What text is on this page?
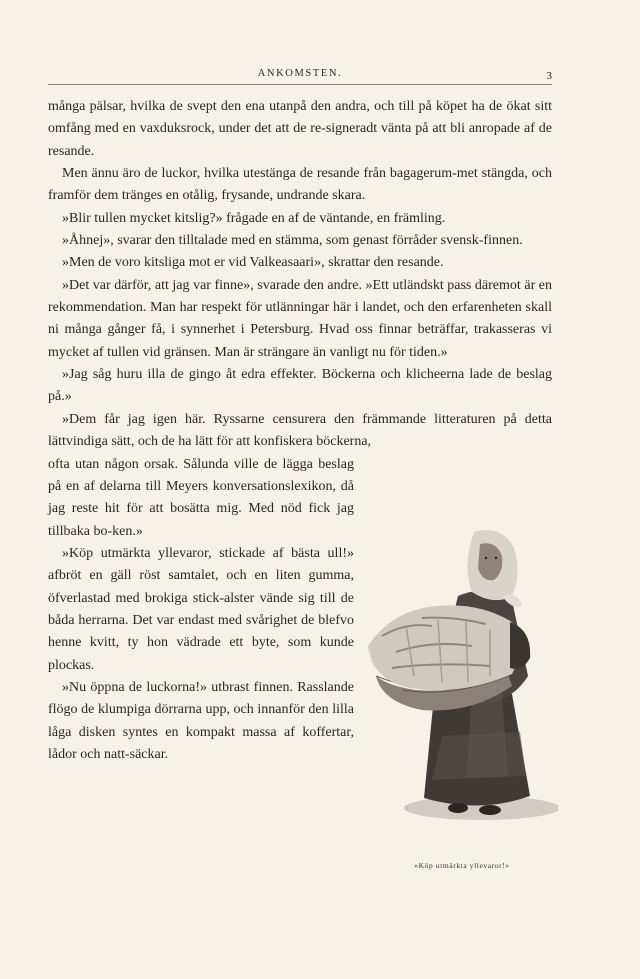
ANKOMSTEN.	3

många pälsar, hvilka de svept den ena utanpå den andra, och till på köpet ha de ökat sitt omfång med en vaxduksrock, under det att de re-signeradt vänta på att bli anropade af de resande.

Men ännu äro de luckor, hvilka utestänga de resande från bagagerum-met stängda, och framför dem tränges en otålig, frysande, undrande skara.

»Blir tullen mycket kitslig?» frågade en af de väntande, en främling.

»Åhnej», svarar den tilltalade med en stämma, som genast förråder svensk-finnen.

»Men de voro kitsliga mot er vid Valkeasaari», skrattar den resande.

»Det var därför, att jag var finne», svarade den andre. »Ett utländskt pass däremot är en rekommendation. Man har respekt för utlänningar här i landet, och den erfarenheten skall ni många gånger få, i synnerhet i Petersburg. Hvad oss finnar beträffar, trakasseras vi mycket af tullen vid gränsen. Man är strängare än vanligt nu för tiden.»

»Jag såg huru illa de gingo åt edra effekter. Böckerna och klicheerna lade de beslag på.»

»Dem får jag igen här. Ryssarne censurera den främmande litteraturen på detta lättvindiga sätt, och de ha lätt för att konfiskera böckerna,

ofta utan någon orsak. Sålunda ville de lägga beslag på en af delarna till Meyers konversationslexikon, då jag reste hit för att bosätta mig. Med nöd fick jag tillbaka bo-ken.»

»Köp utmärkta yllevaror, stickade af bästa ull!» afbröt en gäll röst samtalet, och en liten gumma, öfverlastad med brokiga stick-alster vände sig till de båda herrarna. Det var endast med svårighet de blefvo henne kvitt, ty hon vädrade ett byte, som kunde plockas.

»Nu öppna de luckorna!» utbrast finnen. Rasslande flögo de klumpiga dörrarna upp, och innanför den lilla låga disken syntes en kompakt massa af koffertar, lådor och natt-säckar.

»Köp utmärkta yllevaror!»
